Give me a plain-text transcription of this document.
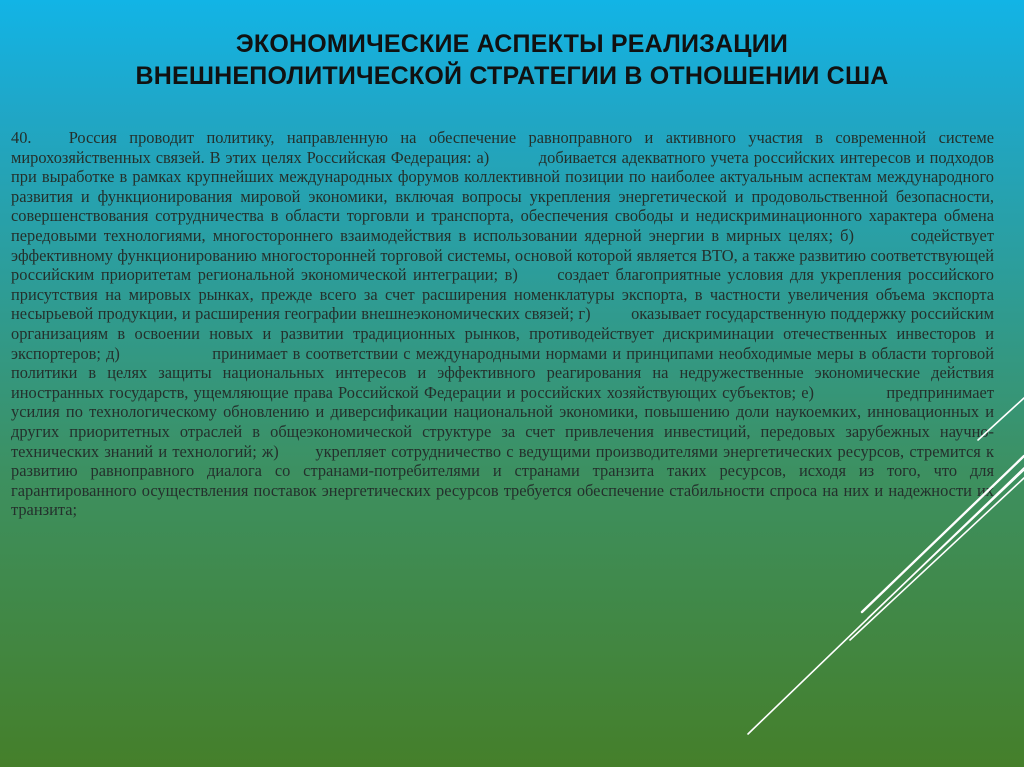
ЭКОНОМИЧЕСКИЕ АСПЕКТЫ РЕАЛИЗАЦИИ
ВНЕШНЕПОЛИТИЧЕСКОЙ СТРАТЕГИИ В ОТНОШЕНИИ США

40.   Россия проводит политику, направленную на обеспечение равноправного и активного участия в современной системе мирохозяйственных связей. В этих целях Российская Федерация: а)          добивается адекватного учета российских интересов и подходов при выработке в рамках крупнейших международных форумов коллективной позиции по наиболее актуальным аспектам международного развития и функционирования мировой экономики, включая вопросы укрепления энергетической и продовольственной безопасности, совершенствования сотрудничества в области торговли и транспорта, обеспечения свободы и недискриминационного характера обмена передовыми технологиями, многостороннего взаимодействия в использовании ядерной энергии в мирных целях; б)        содействует эффективному функционированию многосторонней торговой системы, основой которой является ВТО, а также развитию соответствующей российским приоритетам региональной экономической интеграции; в)      создает благоприятные условия для укрепления российского присутствия на мировых рынках, прежде всего за счет расширения номенклатуры экспорта, в частности увеличения объема экспорта несырьевой продукции, и расширения географии внешнеэкономических связей; г)         оказывает государственную поддержку российским организациям в освоении новых и развитии традиционных рынков, противодействует дискриминации отечественных инвесторов и экспортеров; д)                  принимает в соответствии с международными нормами и принципами необходимые меры в области торговой политики в целях защиты национальных интересов и эффективного реагирования на недружественные экономические действия иностранных государств, ущемляющие права Российской Федерации и российских хозяйствующих субъектов; е)              предпринимает усилия по технологическому обновлению и диверсификации национальной экономики, повышению доли наукоемких, инновационных и других приоритетных отраслей в общеэкономической структуре за счет привлечения инвестиций, передовых зарубежных научно-технических знаний и технологий; ж)       укрепляет сотрудничество с ведущими производителями энергетических ресурсов, стремится к развитию равноправного диалога со странами-потребителями и странами транзита таких ресурсов, исходя из того, что для гарантированного осуществления поставок энергетических ресурсов требуется обеспечение стабильности спроса на них и надежности их транзита;
